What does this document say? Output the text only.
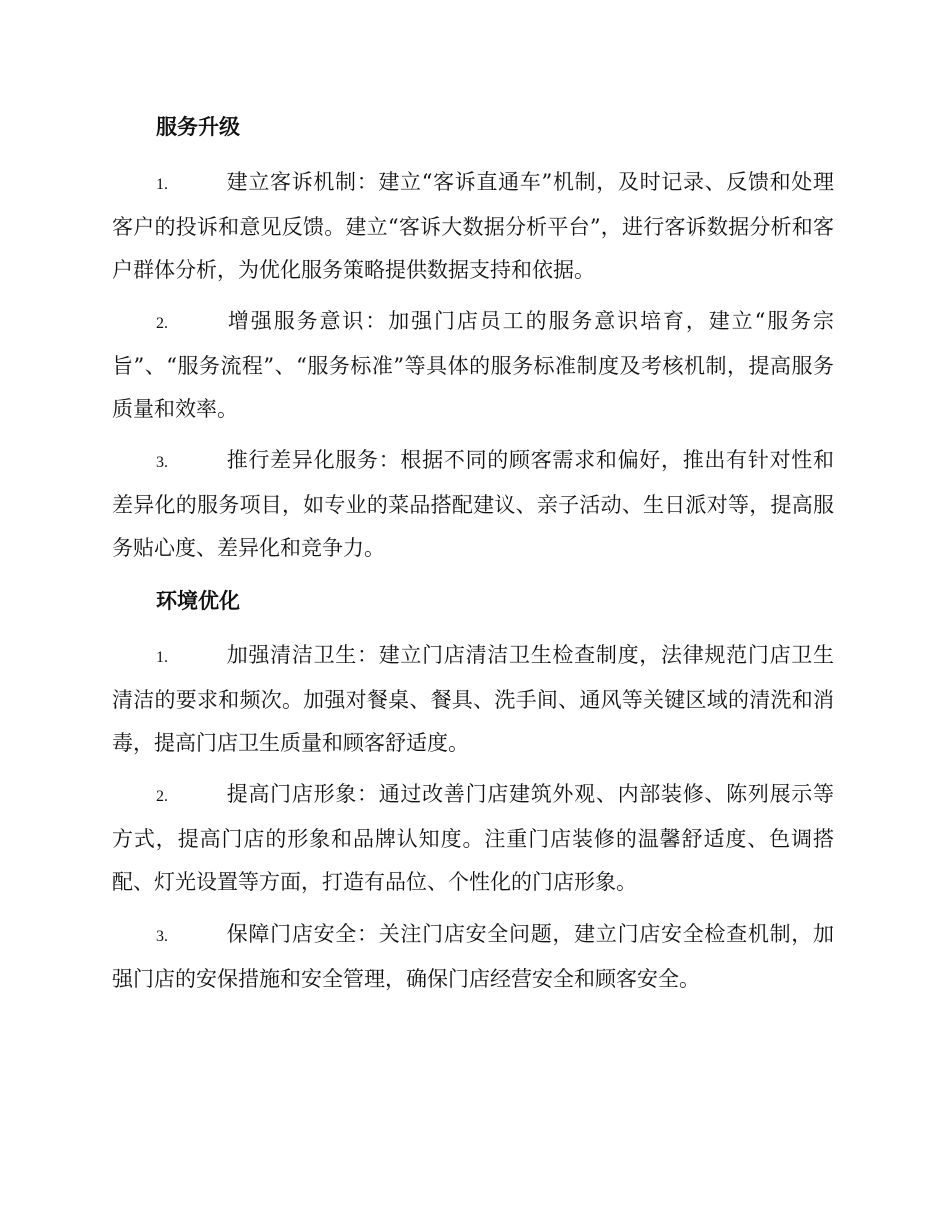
服务升级
1.	建立客诉机制：建立“客诉直通车”机制，及时记录、反馈和处理客户的投诉和意见反馈。建立“客诉大数据分析平台”，进行客诉数据分析和客户群体分析，为优化服务策略提供数据支持和依据。
2.	增强服务意识：加强门店员工的服务意识培育，建立“服务宗旨”、“服务流程”、“服务标准”等具体的服务标准制度及考核机制，提高服务质量和效率。
3.	推行差异化服务：根据不同的顾客需求和偏好，推出有针对性和差异化的服务项目，如专业的菜品搭配建议、亲子活动、生日派对等，提高服务贴心度、差异化和竞争力。
环境优化
1.	加强清洁卫生：建立门店清洁卫生检查制度，法律规范门店卫生清洁的要求和频次。加强对餐桌、餐具、洗手间、通风等关键区域的清洗和消毒，提高门店卫生质量和顾客舒适度。
2.	提高门店形象：通过改善门店建筑外观、内部装修、陈列展示等方式，提高门店的形象和品牌认知度。注重门店装修的温馨舒适度、色调搭配、灯光设置等方面，打造有品位、个性化的门店形象。
3.	保障门店安全：关注门店安全问题，建立门店安全检查机制，加强门店的安保措施和安全管理，确保门店经营安全和顾客安全。
